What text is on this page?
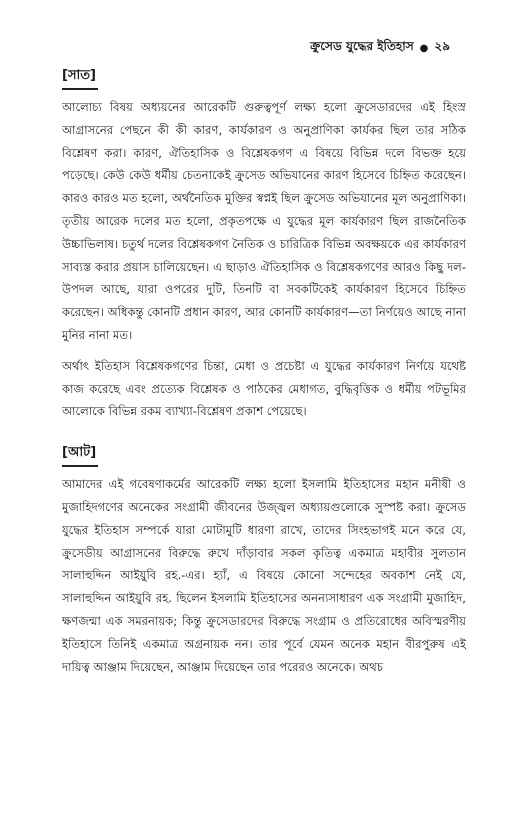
ক্রুসেড যুদ্ধের ইতিহাস ● ২৯
[সাত]

আলোচ্য বিষয় অধ্যয়নের আরেকটি গুরুত্বপূর্ণ লক্ষ্য হলো ক্রুসেডারদের এই হিংস্র আগ্রাসনের পেছনে কী কী কারণ, কার্যকারণ ও অনুপ্রাণিকা কার্যকর ছিল তার সঠিক বিশ্লেষণ করা। কারণ, ঐতিহাসিক ও বিশ্লেষকগণ এ বিষয়ে বিভিন্ন দলে বিভক্ত হয়ে পড়েছে। কেউ কেউ ধর্মীয় চেতনাকেই ক্রুসেড অভিযানের কারণ হিসেবে চিহ্নিত করেছেন। কারও কারও মত হলো, অর্থনৈতিক মুক্তির স্বপ্নই ছিল ক্রুসেড অভিযানের মূল অনুপ্রাণিকা। তৃতীয় আরেক দলের মত হলো, প্রকৃতপক্ষে এ যুদ্ধের মূল কার্যকারণ ছিল রাজনৈতিক উচ্চাভিলাষ। চতুর্থ দলের বিশ্লেষকগণ নৈতিক ও চারিত্রিক বিভিন্ন অবক্ষয়কে এর কার্যকারণ সাব্যস্ত করার প্রয়াস চালিয়েছেন। এ ছাড়াও ঐতিহাসিক ও বিশ্লেষকগণের আরও কিছু দল-উপদল আছে, যারা ওপরের দুটি, তিনটি বা সবকটিকেই কার্যকারণ হিসেবে চিহ্নিত করেছেন। অধিকন্তু কোনটি প্রধান কারণ, আর কোনটি কার্যকারণ—তা নির্ণয়েও আছে নানা মুনির নানা মত।

অর্থাৎ ইতিহাস বিশ্লেষকগণের চিন্তা, মেধা ও প্রচেষ্টা এ যুদ্ধের কার্যকারণ নির্ণয়ে যথেষ্ট কাজ করেছে এবং প্রত্যেক বিশ্লেষক ও পাঠকের মেধাগত, বুদ্ধিবৃত্তিক ও ধর্মীয় পটভূমির আলোকে বিভিন্ন রকম ব্যাখ্যা-বিশ্লেষণ প্রকাশ পেয়েছে।

[আট]

আমাদের এই গবেষণাকর্মের আরেকটি লক্ষ্য হলো ইসলামি ইতিহাসের মহান মনীষী ও মুজাহিদগণের অনেকের সংগ্রামী জীবনের উজ্জ্বল অধ্যায়গুলোকে সুস্পষ্ট করা। ক্রুসেড যুদ্ধের ইতিহাস সম্পর্কে যারা মোটামুটি ধারণা রাখে, তাদের সিংহভাগই মনে করে যে, ক্রুসেডীয় আগ্রাসনের বিরুদ্ধে রুখে দাঁড়াবার সকল কৃতিত্ব একমাত্র মহাবীর সুলতান সালাহুদ্দিন আইয়ুবি রহ.-এর। হ্যাঁ, এ বিষয়ে কোনো সন্দেহের অবকাশ নেই যে, সালাহুদ্দিন আইয়ুবি রহ. ছিলেন ইসলামি ইতিহাসের অনন্যসাধারণ এক সংগ্রামী মুজাহিদ, ক্ষণজন্মা এক সমরনায়ক; কিন্তু ক্রুসেডারদের বিরুদ্ধে সংগ্রাম ও প্রতিরোধের অবিস্মরণীয় ইতিহাসে তিনিই একমাত্র অগ্রনায়ক নন। তার পূর্বে যেমন অনেক মহান বীরপুরুষ এই দায়িত্ব আঞ্জাম দিয়েছেন, আঞ্জাম দিয়েছেন তার পরেরও অনেকে। অথচ
